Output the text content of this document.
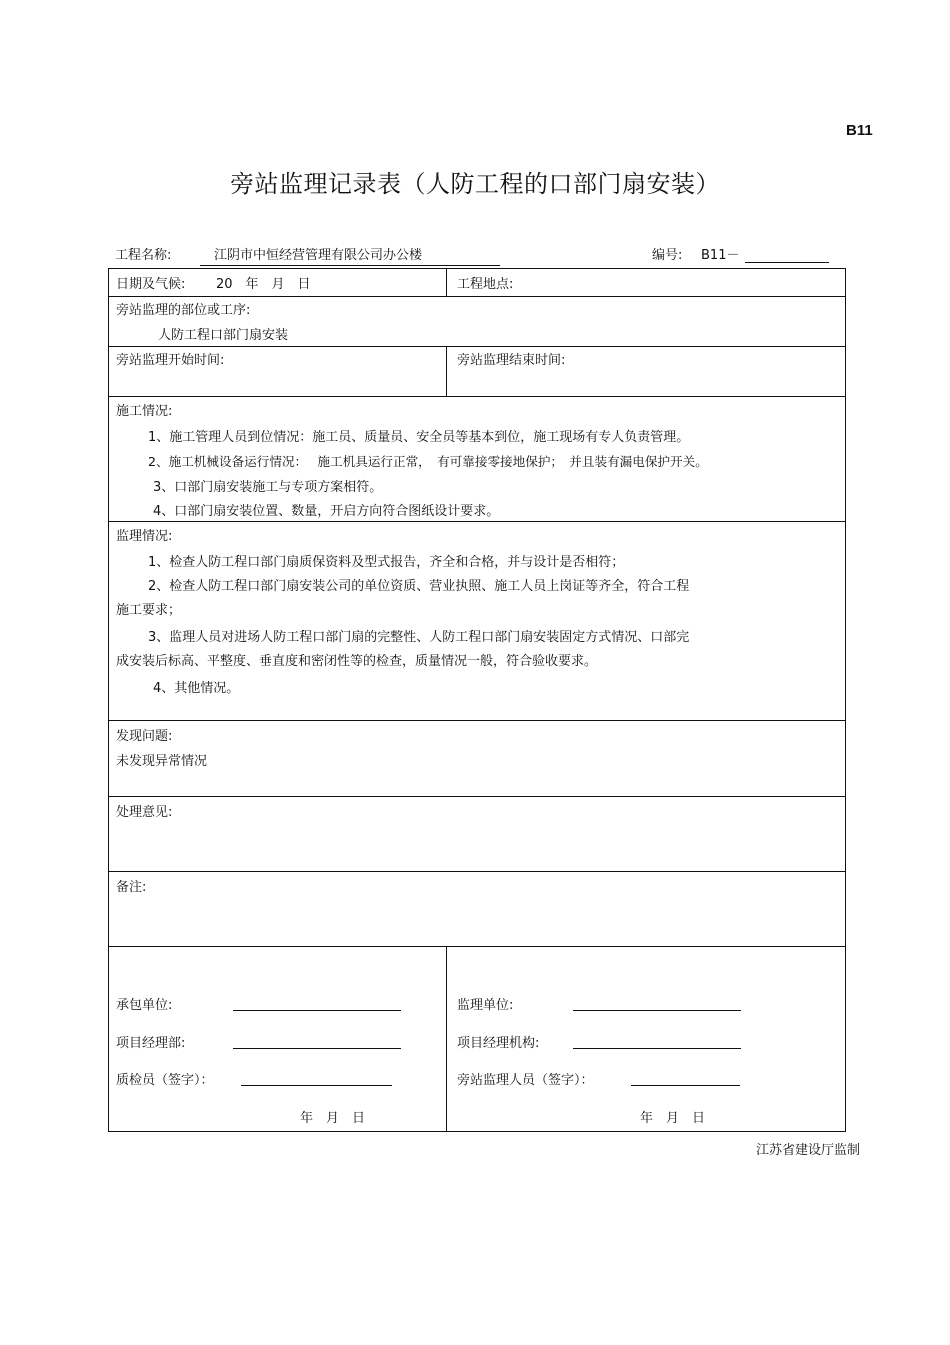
B11
旁站监理记录表（人防工程的口部门扇安装）
工程名称:	江阴市中恒经营管理有限公司办公楼	编号: B11－
日期及气候: 20　年　月　日	工程地点:
旁站监理的部位或工序:
人防工程口部门扇安装
旁站监理开始时间:	旁站监理结束时间:
施工情况:
1、施工管理人员到位情况：施工员、质量员、安全员等基本到位，施工现场有专人负责管理。
2、施工机械设备运行情况：　 施工机具运行正常，　有可靠接零接地保护；　并且装有漏电保护开关。
3、口部门扇安装施工与专项方案相符。
4、口部门扇安装位置、数量，开启方向符合图纸设计要求。
监理情况:
1、检查人防工程口部门扇质保资料及型式报告，齐全和合格，并与设计是否相符；
2、检查人防工程口部门扇安装公司的单位资质、营业执照、施工人员上岗证等齐全，符合工程
施工要求；
3、监理人员对进场人防工程口部门扇的完整性、人防工程口部门扇安装固定方式情况、口部完
成安装后标高、平整度、垂直度和密闭性等的检查，质量情况一般，符合验收要求。
4、其他情况。
发现问题:
未发现异常情况
处理意见:
备注:
承包单位:
项目经理部:
质检员（签字）：
年　月　日
监理单位:
项目经理机构:
旁站监理人员（签字）：
年　月　日
江苏省建设厅监制
